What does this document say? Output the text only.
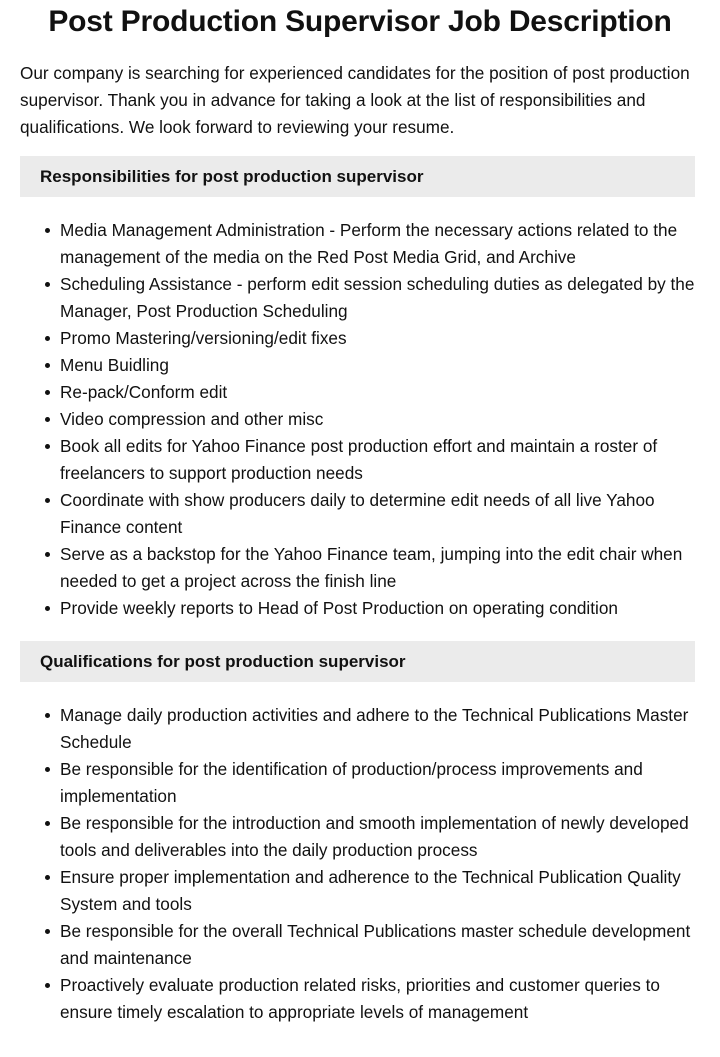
Post Production Supervisor Job Description

Our company is searching for experienced candidates for the position of post production supervisor. Thank you in advance for taking a look at the list of responsibilities and qualifications. We look forward to reviewing your resume.

Responsibilities for post production supervisor
Media Management Administration - Perform the necessary actions related to the management of the media on the Red Post Media Grid, and Archive
Scheduling Assistance - perform edit session scheduling duties as delegated by the Manager, Post Production Scheduling
Promo Mastering/versioning/edit fixes
Menu Buidling
Re-pack/Conform edit
Video compression and other misc
Book all edits for Yahoo Finance post production effort and maintain a roster of freelancers to support production needs
Coordinate with show producers daily to determine edit needs of all live Yahoo Finance content
Serve as a backstop for the Yahoo Finance team, jumping into the edit chair when needed to get a project across the finish line
Provide weekly reports to Head of Post Production on operating condition
Qualifications for post production supervisor
Manage daily production activities and adhere to the Technical Publications Master Schedule
Be responsible for the identification of production/process improvements and implementation
Be responsible for the introduction and smooth implementation of newly developed tools and deliverables into the daily production process
Ensure proper implementation and adherence to the Technical Publication Quality System and tools
Be responsible for the overall Technical Publications master schedule development and maintenance
Proactively evaluate production related risks, priorities and customer queries to ensure timely escalation to appropriate levels of management
